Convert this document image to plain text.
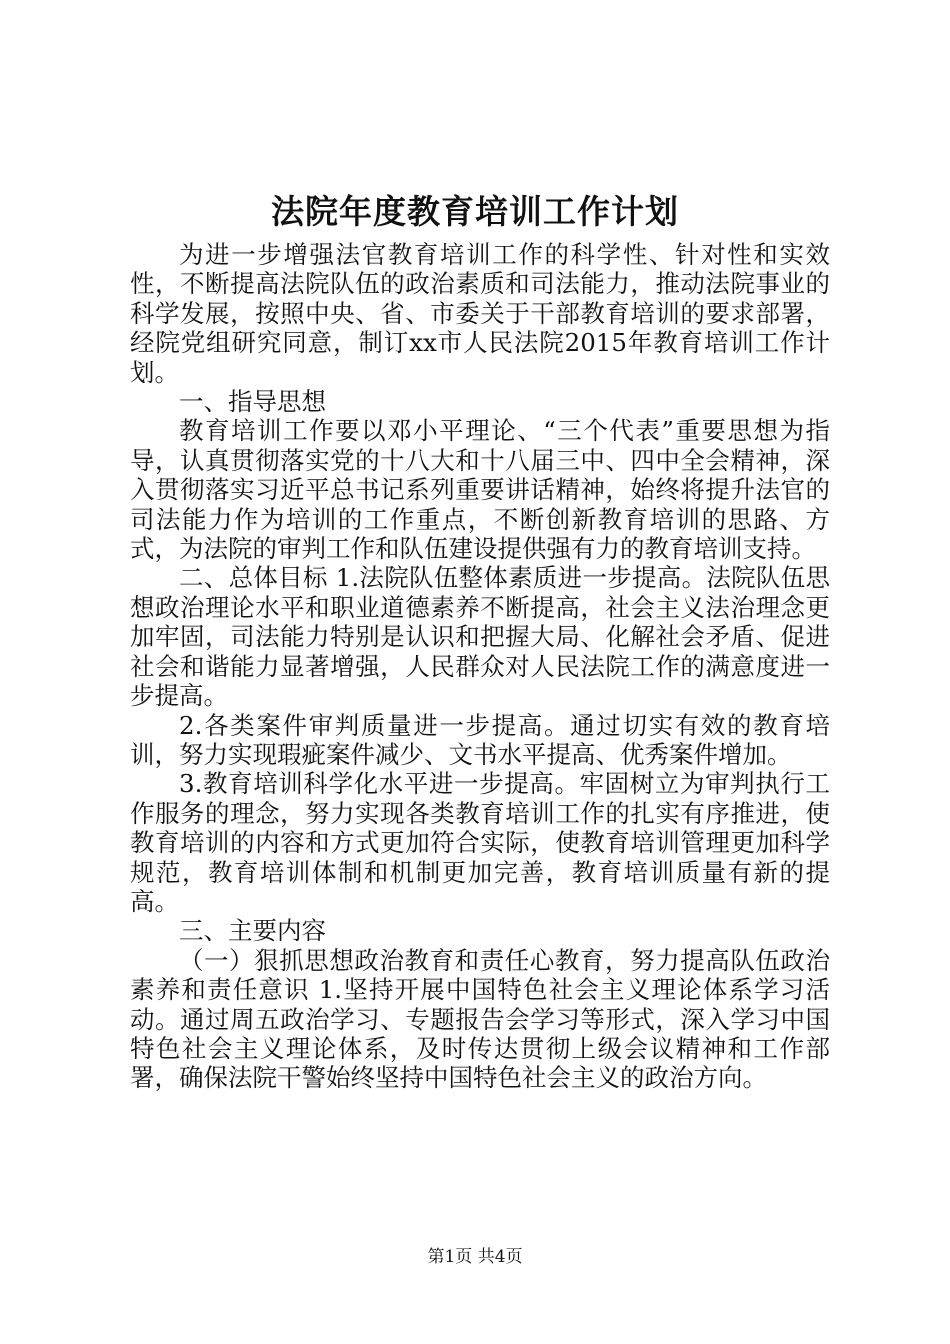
法院年度教育培训工作计划

为进一步增强法官教育培训工作的科学性、针对性和实效性，不断提高法院队伍的政治素质和司法能力，推动法院事业的科学发展，按照中央、省、市委关于干部教育培训的要求部署，经院党组研究同意，制订xx市人民法院2015年教育培训工作计划。

一、指导思想

教育培训工作要以邓小平理论、“三个代表”重要思想为指导，认真贯彻落实党的十八大和十八届三中、四中全会精神，深入贯彻落实习近平总书记系列重要讲话精神，始终将提升法官的司法能力作为培训的工作重点，不断创新教育培训的思路、方式，为法院的审判工作和队伍建设提供强有力的教育培训支持。

二、总体目标 1.法院队伍整体素质进一步提高。法院队伍思想政治理论水平和职业道德素养不断提高，社会主义法治理念更加牢固，司法能力特别是认识和把握大局、化解社会矛盾、促进社会和谐能力显著增强，人民群众对人民法院工作的满意度进一步提高。

2.各类案件审判质量进一步提高。通过切实有效的教育培训，努力实现瑕疵案件减少、文书水平提高、优秀案件增加。

3.教育培训科学化水平进一步提高。牢固树立为审判执行工作服务的理念，努力实现各类教育培训工作的扎实有序推进，使教育培训的内容和方式更加符合实际，使教育培训管理更加科学规范，教育培训体制和机制更加完善，教育培训质量有新的提高。

三、主要内容

（一）狠抓思想政治教育和责任心教育，努力提高队伍政治素养和责任意识 1.坚持开展中国特色社会主义理论体系学习活动。通过周五政治学习、专题报告会学习等形式，深入学习中国特色社会主义理论体系，及时传达贯彻上级会议精神和工作部署，确保法院干警始终坚持中国特色社会主义的政治方向。

第1页 共4页
